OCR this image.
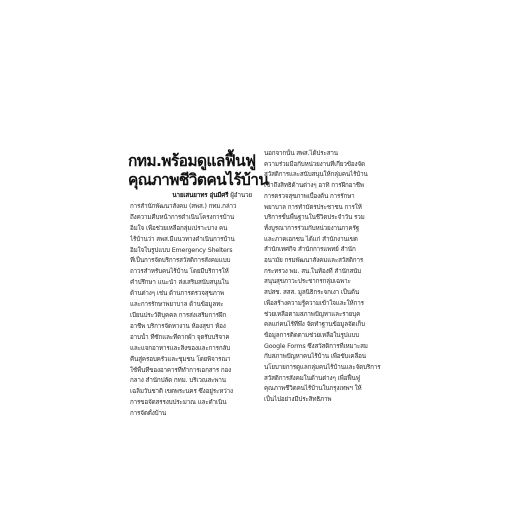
กทม.พร้อมดูแลฟื้นฟู
คุณภาพชีวิตคนไร้บ้าน
นายเสนยาทร อุ่นมีศรี ผู้อำนวย
การสำนักพัฒนาสังคม (สพส.) กทม.กล่าว
ถึงความคืบหน้าการดำเนินโครงการบ้าน
อิ่มใจ เพื่อช่วยเหลือกลุ่มเปราะบาง คน
ไร้บ้านว่า สพส.มีแนวทางดำเนินการบ้าน
อิ่มใจในรูปแบบ Emergency Shelters
ที่เป็นการจัดบริการสวัสดิการสังคมแบบ
ถาวรสำหรับคนไร้บ้าน โดยมีบริการให้
คำปรึกษา แนะนำ ส่งเสริมสนับสนุนใน
ด้านต่างๆ เช่น ด้านการตรวจสุขภาพ
และการรักษาพยาบาล ด้านข้อมูลทะ
เบียนประวัติบุคคล การส่งเสริมการฝึก
อาชีพ บริการจัดหางาน ห้องสุขา ห้อง
อาบน้ำ ที่ซักและที่ตากผ้า จุดรับบริจาค
และแจกอาหารและสิ่งของและการกลับ
คืนสู่ครอบครัวและชุมชน โดยพิจารณา
ใช้พื้นที่ของอาคารที่ทำการเอกสาร กอง
กลาง สำนักปลัด กทม. บริเวณสะพาน
เฉลิมวันชาติ เขตพระนคร ซึ่งอยู่ระหว่าง
การขอจัดสรรงบประมาณ และดำเนิน
การจัดตั้งบ้าน
นอกจากนั้น สพส.ได้ประสาน
ความร่วมมือกับหน่วยงานที่เกี่ยวข้องจัด
สวัสดิการและสนับสนุนให้กลุ่มคนไร้บ้าน
เข้าถึงสิทธิด้านต่างๆ อาทิ การฝึกอาชีพ
การตรวจสุขภาพเบื้องต้น การรักษา
พยาบาล การทำบัตรประชาชน การให้
บริการขั้นพื้นฐานในชีวิตประจำวัน รวม
ทั้งบูรณาการร่วมกับหน่วยงานภาครัฐ
และภาคเอกชน ได้แก่ สำนักงานเขต
สำนักเทศกิจ สำนักการแพทย์ สำนัก
อนามัย กรมพัฒนาสังคมและสวัสดิการ
กระทรวง พม. สน.ในท้องที่ สำนักสนับ
สนุนสุขภาวะประชากรกลุ่มเฉพาะ
สปสช. สสส. มูลนิธิกระจกเงา เป็นต้น
เพื่อสร้างความรู้ความเข้าใจและให้การ
ช่วยเหลือตามสภาพปัญหาและรายบุค
คลแก่คนไร้ที่พึ่ง จัดทำฐานข้อมูลจัดเก็บ
ข้อมูลการติดตามช่วยเหลือในรูปแบบ
Google Forms ซึ่งสวัสดิการที่เหมาะสม
กับสภาพปัญหาคนไร้บ้าน เพื่อขับเคลื่อน
นโยบายการดูแลกลุ่มคนไร้บ้านและจัดบริการ
สวัสดิการสังคมในด้านต่างๆ เพื่อฟื้นฟู
คุณภาพชีวิตคนไร้บ้านในกรุงเทพฯ ให้
เป็นไปอย่างมีประสิทธิภาพ
